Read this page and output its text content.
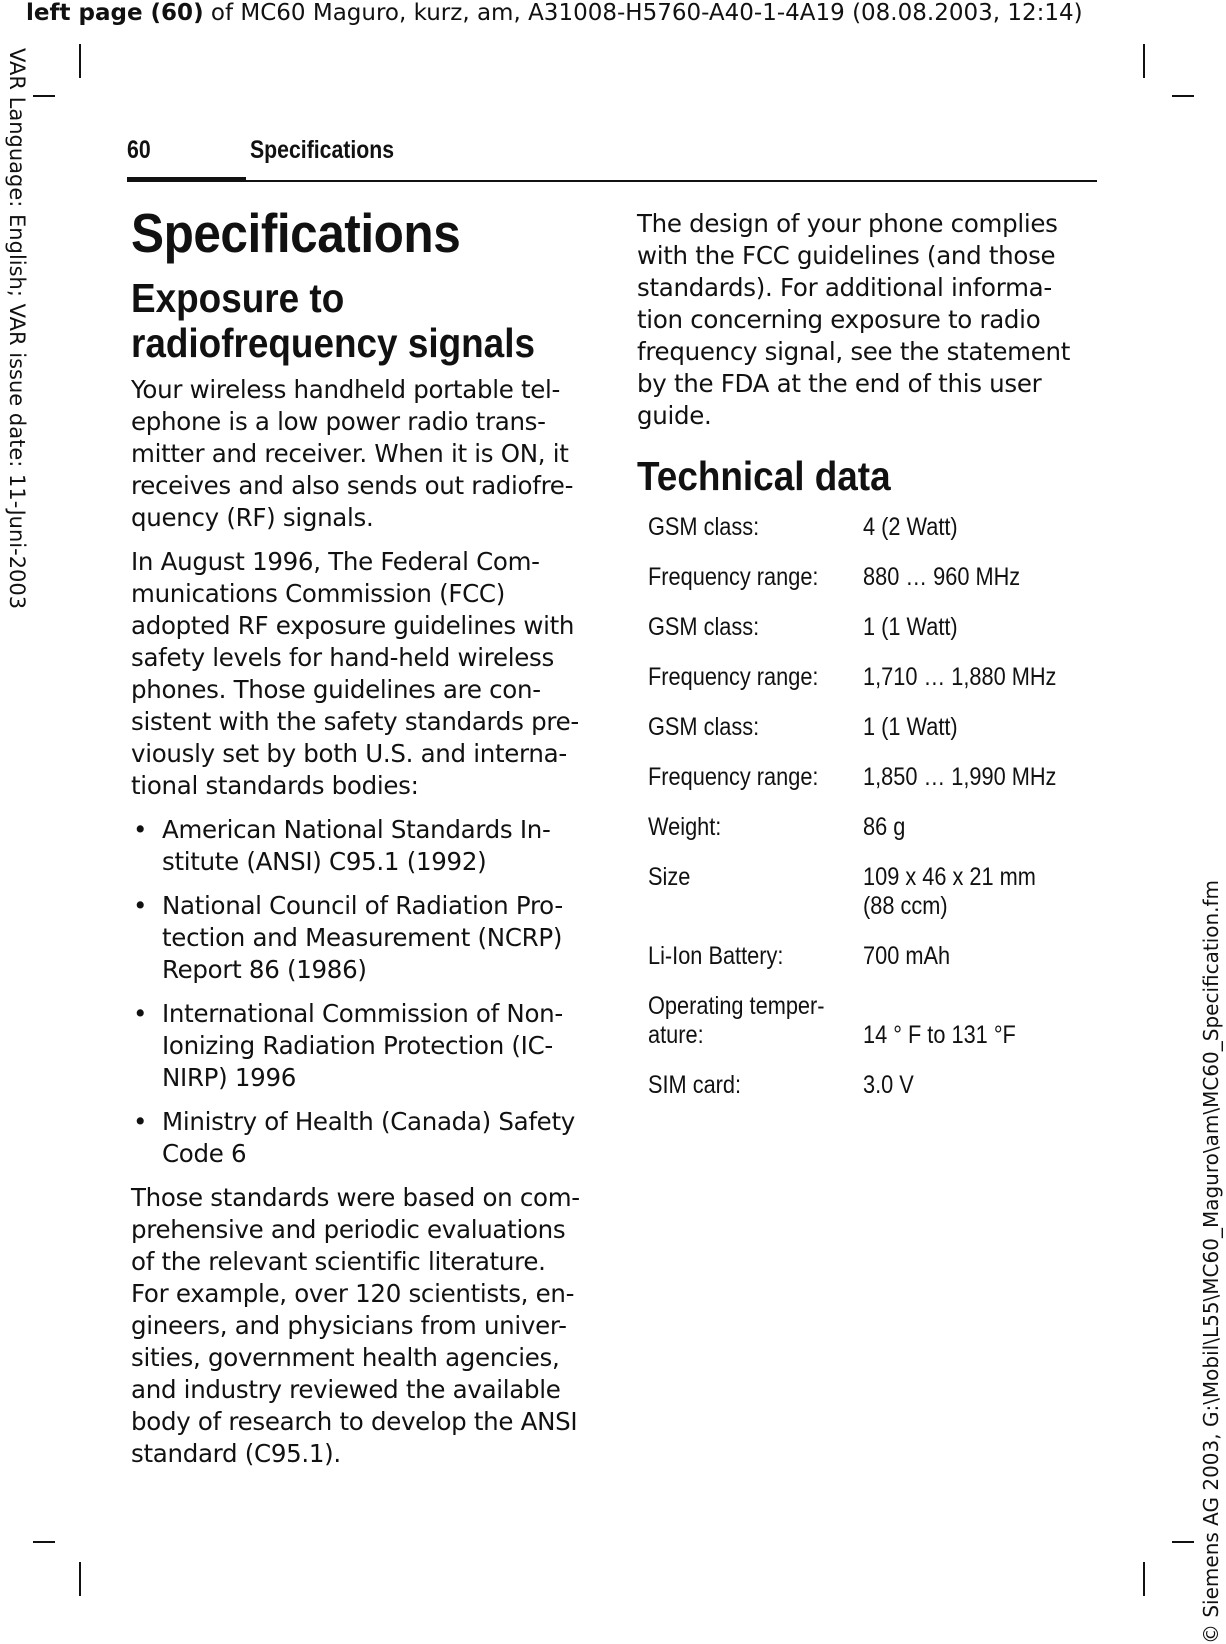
left page (60) of MC60 Maguro, kurz, am, A31008-H5760-A40-1-4A19 (08.08.2003, 12:14)
VAR Language: English; VAR issue date: 11-Juni-2003
© Siemens AG 2003, G:\Mobil\L55\MC60_Maguro\am\MC60_Specification.fm
60	Specifications
Specifications
Exposure to
radiofrequency signals

Your wireless handheld portable tel-
ephone is a low power radio trans-
mitter and receiver. When it is ON, it
receives and also sends out radiofre-
quency (RF) signals.

In August 1996, The Federal Com-
munications Commission (FCC)
adopted RF exposure guidelines with
safety levels for hand-held wireless
phones. Those guidelines are con-
sistent with the safety standards pre-
viously set by both U.S. and interna-
tional standards bodies:

• American National Standards In-
stitute (ANSI) C95.1 (1992)
• National Council of Radiation Pro-
tection and Measurement (NCRP)
Report 86 (1986)
• International Commission of Non-
Ionizing Radiation Protection (IC-
NIRP) 1996
• Ministry of Health (Canada) Safety
Code 6

Those standards were based on com-
prehensive and periodic evaluations
of the relevant scientific literature.
For example, over 120 scientists, en-
gineers, and physicians from univer-
sities, government health agencies,
and industry reviewed the available
body of research to develop the ANSI
standard (C95.1).

The design of your phone complies
with the FCC guidelines (and those
standards). For additional informa-
tion concerning exposure to radio
frequency signal, see the statement
by the FDA at the end of this user
guide.

Technical data
GSM class:	4 (2 Watt)
Frequency range:	880 … 960 MHz
GSM class:	1 (1 Watt)
Frequency range:	1,710 … 1,880 MHz
GSM class:	1 (1 Watt)
Frequency range:	1,850 … 1,990 MHz
Weight:	86 g
Size	109 x 46 x 21 mm
(88 ccm)
Li-Ion Battery:	700 mAh
Operating temper-
ature:	14 ° F to 131 °F
SIM card:	3.0 V
